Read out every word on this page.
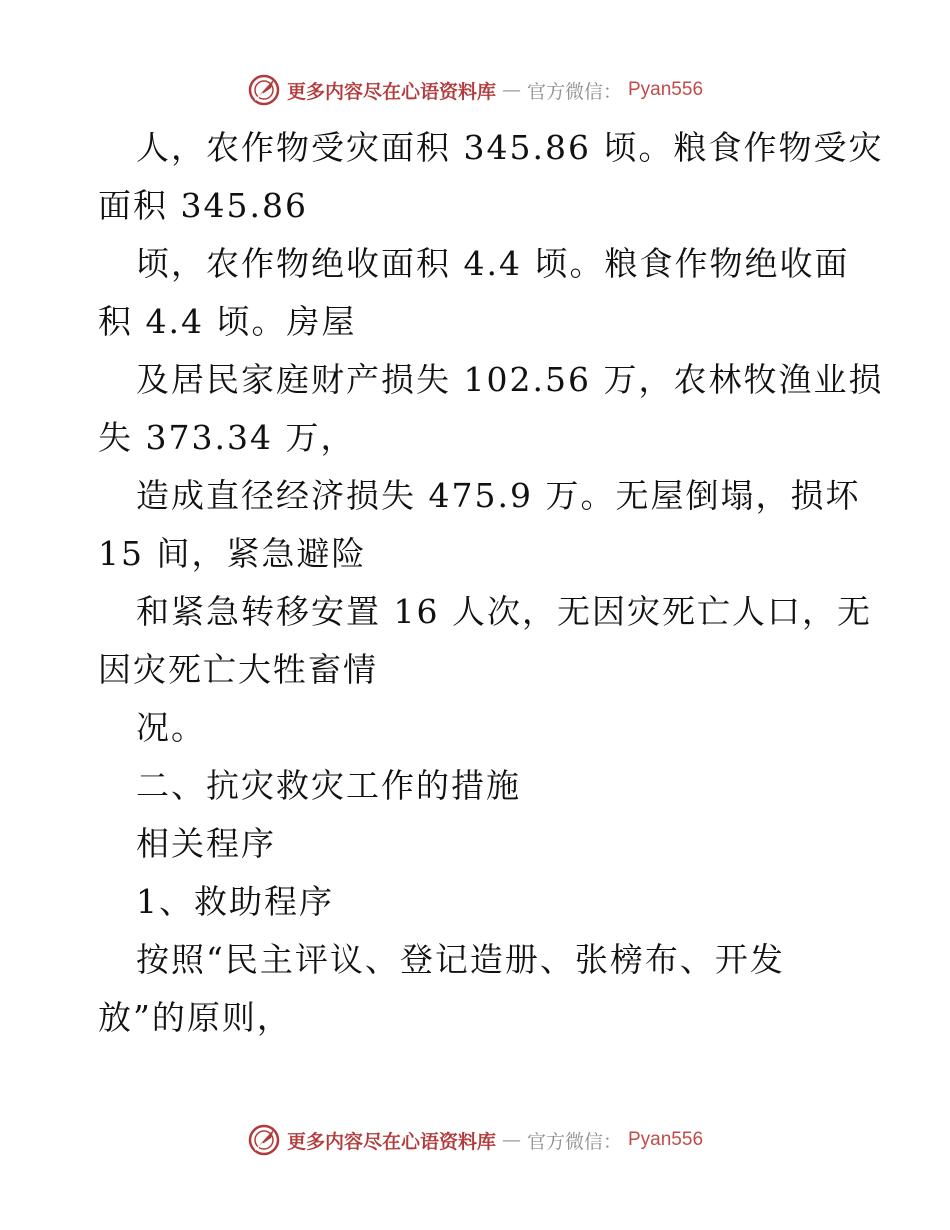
更多内容尽在心语资料库 — 官方微信： Pyan556
人，农作物受灾面积 345.86 顷。粮食作物受灾
面积 345.86
顷，农作物绝收面积 4.4 顷。粮食作物绝收面
积 4.4 顷。房屋
及居民家庭财产损失 102.56 万，农林牧渔业损
失 373.34 万，
造成直径经济损失 475.9 万。无屋倒塌，损坏
15 间，紧急避险
和紧急转移安置 16 人次，无因灾死亡人口，无
因灾死亡大牲畜情
况。
二、抗灾救灾工作的措施
相关程序
1、救助程序
按照“民主评议、登记造册、张榜布、开发
放”的原则，
更多内容尽在心语资料库 — 官方微信： Pyan556
